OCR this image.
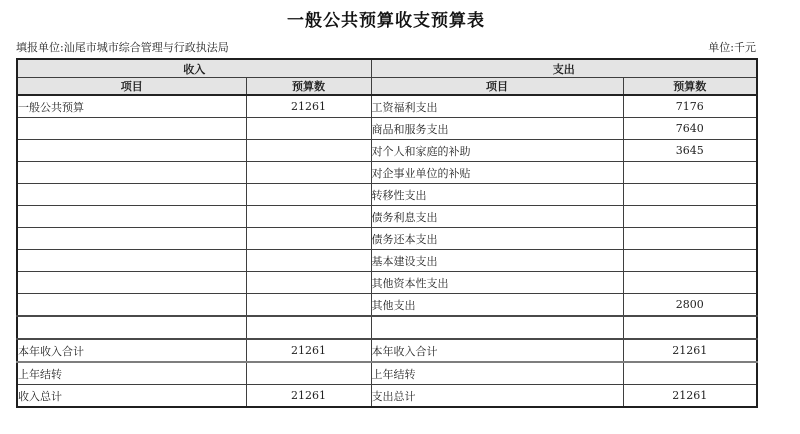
一般公共预算收支预算表
填报单位:汕尾市城市综合管理与行政执法局	单位:千元
收入		支出	
项目	预算数	项目	预算数
一般公共预算	21261	工资福利支出	7176
		商品和服务支出	7640
		对个人和家庭的补助	3645
		对企事业单位的补贴	
		转移性支出	
		债务利息支出	
		债务还本支出	
		基本建设支出	
		其他资本性支出	
		其他支出	2800

本年收入合计	21261	本年收入合计	21261
上年结转		上年结转	
收入总计	21261	支出总计	21261
